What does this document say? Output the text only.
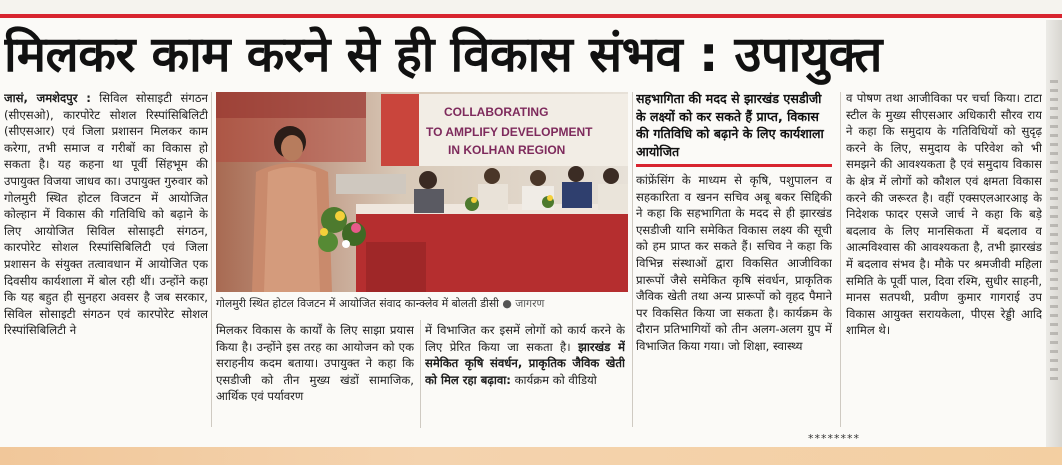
मिलकर काम करने से ही विकास संभव : उपायुक्त

जासं, जमशेदपुर : सिविल सोसाइटी संगठन (सीएसओ), कारपोरेट सोशल रिस्पांसिबिलिटी (सीएसआर) एवं जिला प्रशासन मिलकर काम करेगा, तभी समाज व गरीबों का विकास हो सकता है। यह कहना था पूर्वी सिंहभूम की उपायुक्त विजया जाधव का। उपायुक्त गुरुवार को गोलमुरी स्थित होटल विजटन में आयोजित कोल्हान में विकास की गतिविधि को बढ़ाने के लिए आयोजित सिविल सोसाइटी संगठन, कारपोरेट सोशल रिस्पांसिबिलिटी एवं जिला प्रशासन के संयुक्त तत्वावधान में आयोजित एक दिवसीय कार्यशाला में बोल रही थीं। उन्होंने कहा कि यह बहुत ही सुनहरा अवसर है जब सरकार, सिविल सोसाइटी संगठन एवं कारपोरेट सोशल रिस्पांसिबिलिटी ने

COLLABORATING
TO AMPLIFY DEVELOPMENT
IN KOLHAN REGION
गोलमुरी स्थित होटल विजटन में आयोजित संवाद कान्क्लेव में बोलती डीसी ● जागरण

मिलकर विकास के कार्यों के लिए साझा प्रयास किया है। उन्होंने इस तरह का आयोजन को एक सराहनीय कदम बताया। उपायुक्त ने कहा कि एसडीजी को तीन मुख्य खंडों सामाजिक, आर्थिक एवं पर्यावरण

में विभाजित कर इसमें लोगों को कार्य करने के लिए प्रेरित किया जा सकता है। झारखंड में समेकित कृषि संवर्धन, प्राकृतिक जैविक खेती को मिल रहा बढ़ावा: कार्यक्रम को वीडियो

सहभागिता की मदद से झारखंड एसडीजी के लक्ष्यों को कर सकते हैं प्राप्त, विकास की गतिविधि को बढ़ाने के लिए कार्यशाला आयोजित

कांफ्रेंसिंग के माध्यम से कृषि, पशुपालन व सहकारिता व खनन सचिव अबू बकर सिद्दिकी ने कहा कि सहभागिता के मदद से ही झारखंड एसडीजी यानि समेकित विकास लक्ष्य की सूची को हम प्राप्त कर सकते हैं। सचिव ने कहा कि विभिन्न संस्थाओं द्वारा विकसित आजीविका प्रारूपों जैसे समेकित कृषि संवर्धन, प्राकृतिक जैविक खेती तथा अन्य प्रारूपों को वृहद पैमाने पर विकसित किया जा सकता है। कार्यक्रम के दौरान प्रतिभागियों को तीन अलग-अलग ग्रुप में विभाजित किया गया। जो शिक्षा, स्वास्थ्य

व पोषण तथा आजीविका पर चर्चा किया। टाटा स्टील के मुख्य सीएसआर अधिकारी सौरव राय ने कहा कि समुदाय के गतिविधियों को सुदृढ़ करने के लिए, समुदाय के परिवेश को भी समझने की आवश्यकता है एवं समुदाय विकास के क्षेत्र में लोगों को कौशल एवं क्षमता विकास करने की जरूरत है। वहीं एक्सएलआरआइ के निदेशक फादर एसजे जार्च ने कहा कि बड़े बदलाव के लिए मानसिकता में बदलाव व आत्मविश्वास की आवश्यकता है, तभी झारखंड में बदलाव संभव है। मौके पर श्रमजीवी महिला समिति के पूर्वी पाल, दिवा रश्मि, सुधीर साहनी, मानस सतपथी, प्रवीण कुमार गागराई उप विकास आयुक्त सरायकेला, पीएस रेड्डी आदि शामिल थे।

********
